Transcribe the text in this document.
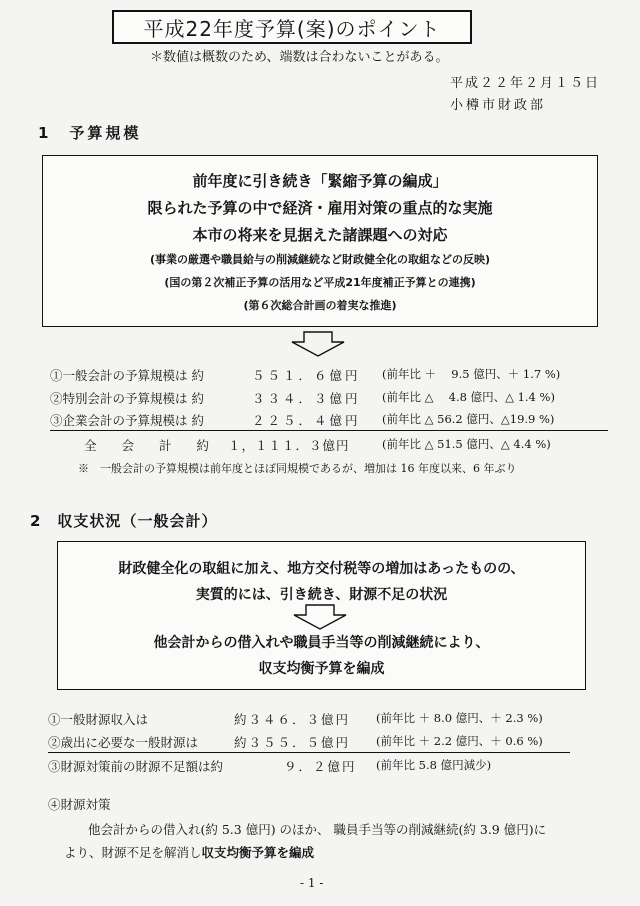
平成22年度予算(案)のポイント
＊数値は概数のため、端数は合わないことがある。
平成２２年２月１５日
小樽市財政部
1　予算規模
前年度に引き続き「緊縮予算の編成」
限られた予算の中で経済・雇用対策の重点的な実施
本市の将来を見据えた諸課題への対応
(事業の厳選や職員給与の削減継続など財政健全化の取組などの反映)
(国の第２次補正予算の活用など平成21年度補正予算との連携)
(第６次総合計画の着実な推進)
①一般会計の予算規模は 約	５５１．６億円 (前年比 ＋　 9.5 億円、＋ 1.7 %)
②特別会計の予算規模は 約	３３４．３億円 (前年比 △　 4.8 億円、△ 1.4 %)
③企業会計の予算規模は 約	２２５．４億円 (前年比 △ 56.2 億円、△19.9 %)
全　　会　　計　　約 １，１１１．３億円	(前年比 △ 51.5 億円、△ 4.4 %)
※　一般会計の予算規模は前年度とほぼ同規模であるが、増加は 16 年度以来、6 年ぶり
2　収支状況（一般会計）
財政健全化の取組に加え、地方交付税等の増加はあったものの、
実質的には、引き続き、財源不足の状況
他会計からの借入れや職員手当等の削減継続により、
収支均衡予算を編成
①一般財源収入は	約３４６．３億円 (前年比 ＋ 8.0 億円、＋ 2.3 %)
②歳出に必要な一般財源は	約３５５．５億円 (前年比 ＋ 2.2 億円、＋ 0.6 %)
③財源対策前の財源不足額は約	９．２億円 (前年比 5.8 億円減少)
④財源対策
他会計からの借入れ(約 5.3 億円) のほか、 職員手当等の削減継続(約 3.9 億円)に
より、財源不足を解消し収支均衡予算を編成
- 1 -
